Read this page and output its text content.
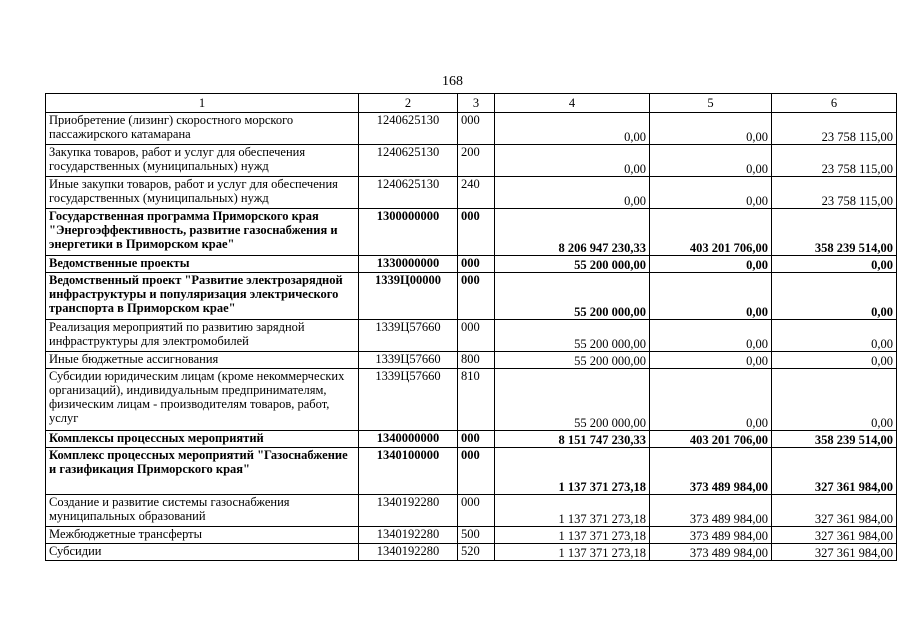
168
1	2	3	4	5	6
Приобретение (лизинг) скоростного морского пассажирского катамарана	1240625130	000	0,00	0,00	23 758 115,00
Закупка товаров, работ и услуг для обеспечения государственных (муниципальных) нужд	1240625130	200	0,00	0,00	23 758 115,00
Иные закупки товаров, работ и услуг для обеспечения государственных (муниципальных) нужд	1240625130	240	0,00	0,00	23 758 115,00
Государственная программа Приморского края "Энергоэффективность, развитие газоснабжения и энергетики в Приморском крае"	1300000000	000	8 206 947 230,33	403 201 706,00	358 239 514,00
Ведомственные проекты	1330000000	000	55 200 000,00	0,00	0,00
Ведомственный проект "Развитие электрозарядной инфраструктуры и популяризация электрического транспорта в Приморском крае"	1339Ц00000	000	55 200 000,00	0,00	0,00
Реализация мероприятий по развитию зарядной инфраструктуры для электромобилей	1339Ц57660	000	55 200 000,00	0,00	0,00
Иные бюджетные ассигнования	1339Ц57660	800	55 200 000,00	0,00	0,00
Субсидии юридическим лицам (кроме некоммерческих организаций), индивидуальным предпринимателям, физическим лицам - производителям товаров, работ, услуг	1339Ц57660	810	55 200 000,00	0,00	0,00
Комплексы процессных мероприятий	1340000000	000	8 151 747 230,33	403 201 706,00	358 239 514,00
Комплекс процессных мероприятий "Газоснабжение и газификация Приморского края"	1340100000	000	1 137 371 273,18	373 489 984,00	327 361 984,00
Создание и развитие системы газоснабжения муниципальных образований	1340192280	000	1 137 371 273,18	373 489 984,00	327 361 984,00
Межбюджетные трансферты	1340192280	500	1 137 371 273,18	373 489 984,00	327 361 984,00
Субсидии	1340192280	520	1 137 371 273,18	373 489 984,00	327 361 984,00
